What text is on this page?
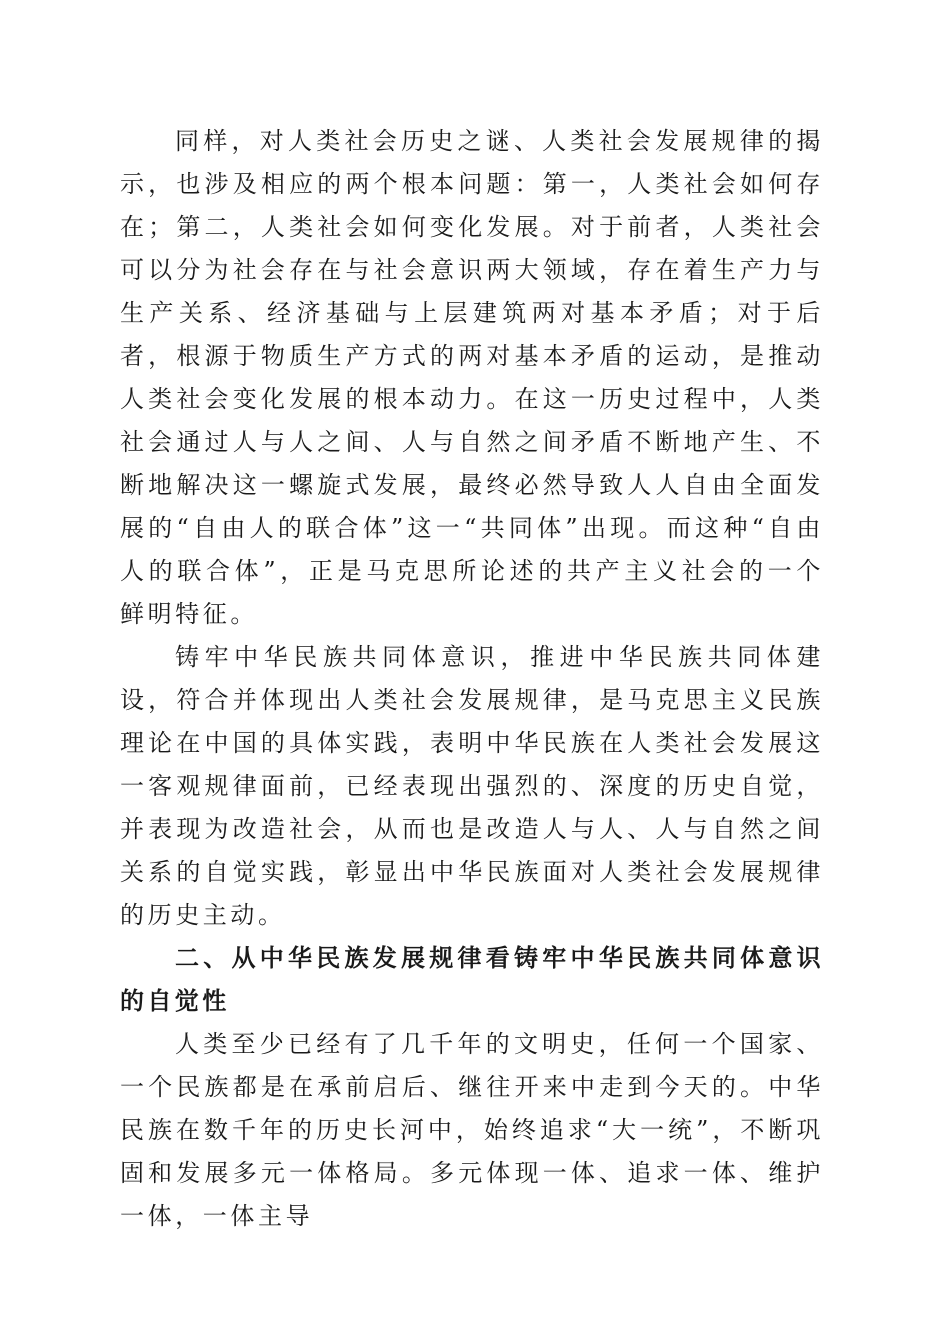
同样，对人类社会历史之谜、人类社会发展规律的揭示，也涉及相应的两个根本问题：第一，人类社会如何存在；第二，人类社会如何变化发展。对于前者，人类社会可以分为社会存在与社会意识两大领域，存在着生产力与生产关系、经济基础与上层建筑两对基本矛盾；对于后者，根源于物质生产方式的两对基本矛盾的运动，是推动人类社会变化发展的根本动力。在这一历史过程中，人类社会通过人与人之间、人与自然之间矛盾不断地产生、不断地解决这一螺旋式发展，最终必然导致人人自由全面发展的“自由人的联合体”这一“共同体”出现。而这种“自由人的联合体”，正是马克思所论述的共产主义社会的一个鲜明特征。

铸牢中华民族共同体意识，推进中华民族共同体建设，符合并体现出人类社会发展规律，是马克思主义民族理论在中国的具体实践，表明中华民族在人类社会发展这一客观规律面前，已经表现出强烈的、深度的历史自觉，并表现为改造社会，从而也是改造人与人、人与自然之间关系的自觉实践，彰显出中华民族面对人类社会发展规律的历史主动。

二、从中华民族发展规律看铸牢中华民族共同体意识的自觉性

人类至少已经有了几千年的文明史，任何一个国家、一个民族都是在承前启后、继往开来中走到今天的。中华民族在数千年的历史长河中，始终追求“大一统”，不断巩固和发展多元一体格局。多元体现一体、追求一体、维护一体，一体主导
